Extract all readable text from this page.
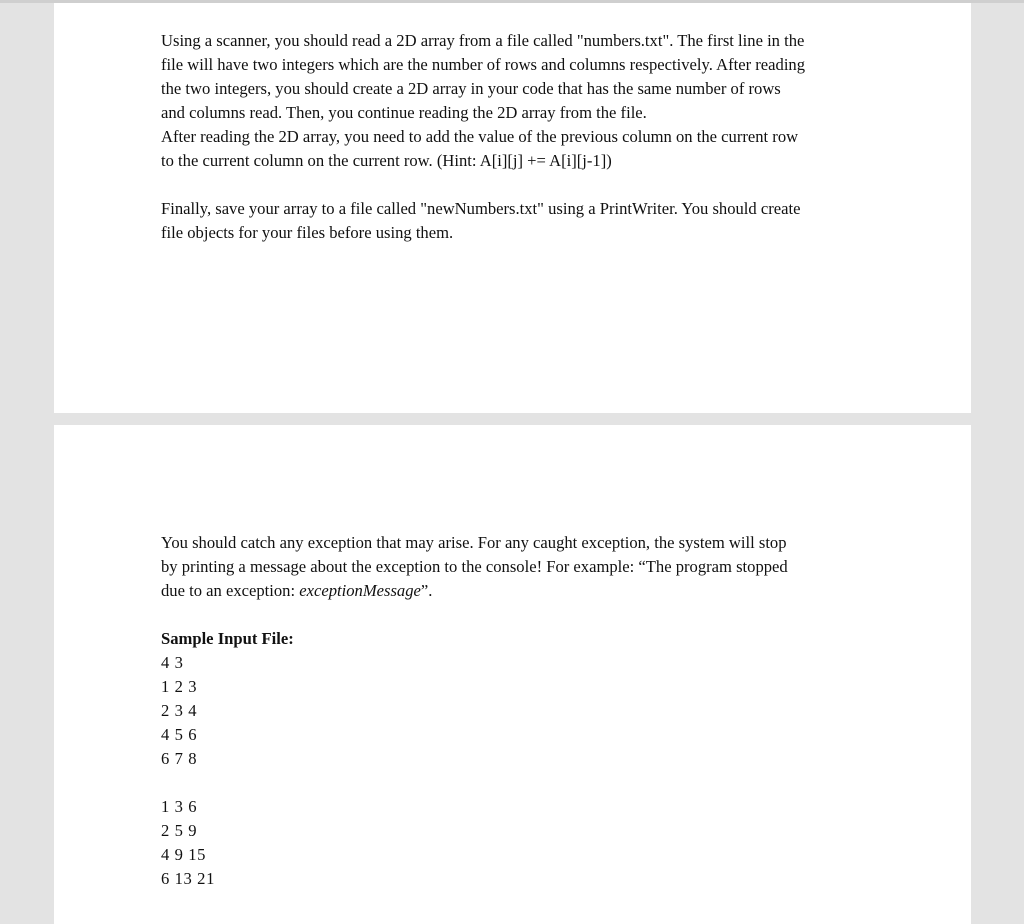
Using a scanner, you should read a 2D array from a file called "numbers.txt". The first line in the

file will have two integers which are the number of rows and columns respectively. After reading

the two integers, you should create a 2D array in your code that has the same number of rows

and columns read. Then, you continue reading the 2D array from the file.

After reading the 2D array, you need to add the value of the previous column on the current row

to the current column on the current row. (Hint: A[i][j] += A[i][j-1])

Finally, save your array to a file called "newNumbers.txt" using a PrintWriter. You should create

file objects for your files before using them.

You should catch any exception that may arise. For any caught exception, the system will stop

by printing a message about the exception to the console! For example: “The program stopped

due to an exception: exceptionMessage”.

Sample Input File:

4 3

1 2 3

2 3 4

4 5 6

6 7 8

1 3 6

2 5 9

4 9 15

6 13 21
